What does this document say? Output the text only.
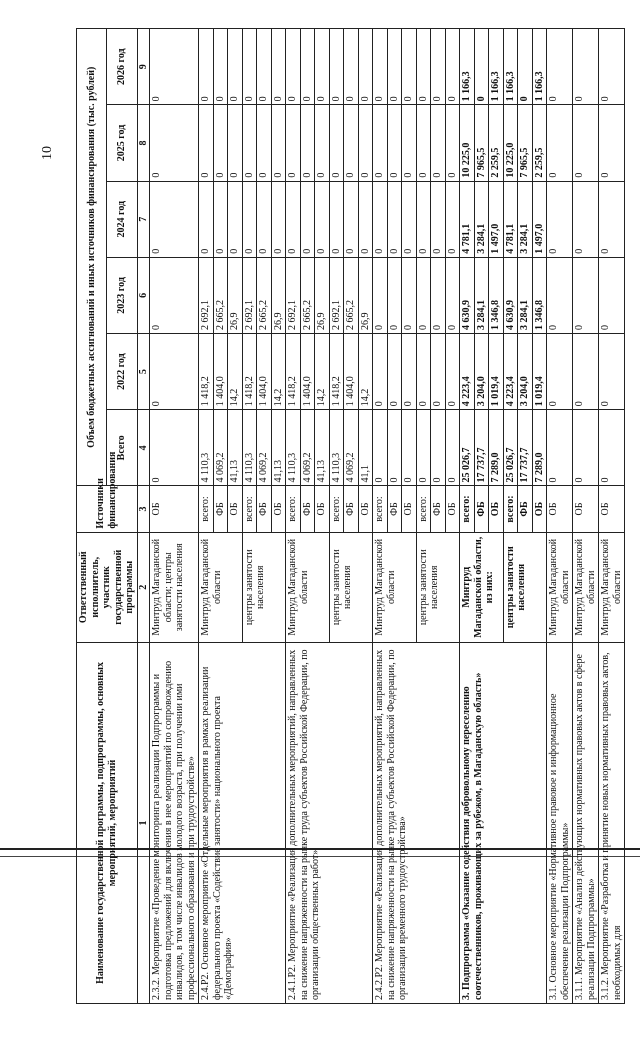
10
Наименование государственной программы, подпрограммы, основных мероприятий, мероприятий	Ответственный исполнитель, участник государственной программы	Источники финансирования	Объем бюджетных ассигнований и иных источников финансирования (тыс. рублей)					
			Всего	2022 год	2023 год	2024 год	2025 год	2026 год
1	2	3	4	5	6	7	8	9
2.3.2. Мероприятие «Проведение мониторинга реализации Подпрограммы и подготовка предложений для включения в нее мероприятий по сопровождению инвалидов, в том числе инвалидов молодого возраста, при получении ими профессионального образования и при трудоустройстве»	Минтруд Магаданской области; центры занятости населения	ОБ	0	0	0	0	0	0
2.4.Р2. Основное мероприятие «Отдельные мероприятия в рамках реализации федерального проекта «Содействие занятости» национального проекта «Демография»	Минтруд Магаданской области	всего:	4 110,3	1 418,2	2 692,1	0	0	0
		ФБ	4 069,2	1 404,0	2 665,2	0	0	0
		ОБ	41,13	14,2	26,9	0	0	0
	центры занятости населения	всего:	4 110,3	1 418,2	2 692,1	0	0	0
		ФБ	4 069,2	1 404,0	2 665,2	0	0	0
		ОБ	41,13	14,2	26,9	0	0	0
2.4.1.Р2. Мероприятие «Реализация дополнительных мероприятий, направленных на снижение напряженности на рынке труда субъектов Российской Федерации, по организации общественных работ»	Минтруд Магаданской области	всего:	4 110,3	1 418,2	2 692,1	0	0	0
		ФБ	4 069,2	1 404,0	2 665,2	0	0	0
		ОБ	41,13	14,2	26,9	0	0	0
	центры занятости населения	всего:	4 110,3	1 418,2	2 692,1	0	0	0
		ФБ	4 069,2	1 404,0	2 665,2	0	0	0
		ОБ	41,1	14,2	26,9	0	0	0
2.4.2.Р2. Мероприятие «Реализация дополнительных мероприятий, направленных на снижение напряженности на рынке труда субъектов Российской Федерации, по организации временного трудоустройства»	Минтруд Магаданской области	всего:	0	0	0	0	0	0
		ФБ	0	0	0	0	0	0
		ОБ	0	0	0	0	0	0
	центры занятости населения	всего:	0	0	0	0	0	0
		ФБ	0	0	0	0	0	0
		ОБ	0	0	0	0	0	0
3. Подпрограмма «Оказание содействия добровольному переселению соотечественников, проживающих за рубежом, в Магаданскую область»	Минтруд Магаданской области, из них:	всего:	25 026,7	4 223,4	4 630,9	4 781,1	10 225,0	1 166,3
		ФБ	17 737,7	3 204,0	3 284,1	3 284,1	7 965,5	0
		ОБ	7 289,0	1 019,4	1 346,8	1 497,0	2 259,5	1 166,3
	центры занятости населения	всего:	25 026,7	4 223,4	4 630,9	4 781,1	10 225,0	1 166,3
		ФБ	17 737,7	3 204,0	3 284,1	3 284,1	7 965,5	0
		ОБ	7 289,0	1 019,4	1 346,8	1 497,0	2 259,5	1 166,3
3.1. Основное мероприятие «Нормативное правовое и информационное обеспечение реализации Подпрограммы»	Минтруд Магаданской области	ОБ	0	0	0	0	0	0
3.1.1. Мероприятие «Анализ действующих нормативных правовых актов в сфере реализации Подпрограммы»	Минтруд Магаданской области	ОБ	0	0	0	0	0	0
3.1.2. Мероприятие «Разработка и принятие новых нормативных правовых актов, необходимых для	Минтруд Магаданской области	ОБ	0	0	0	0	0	0
